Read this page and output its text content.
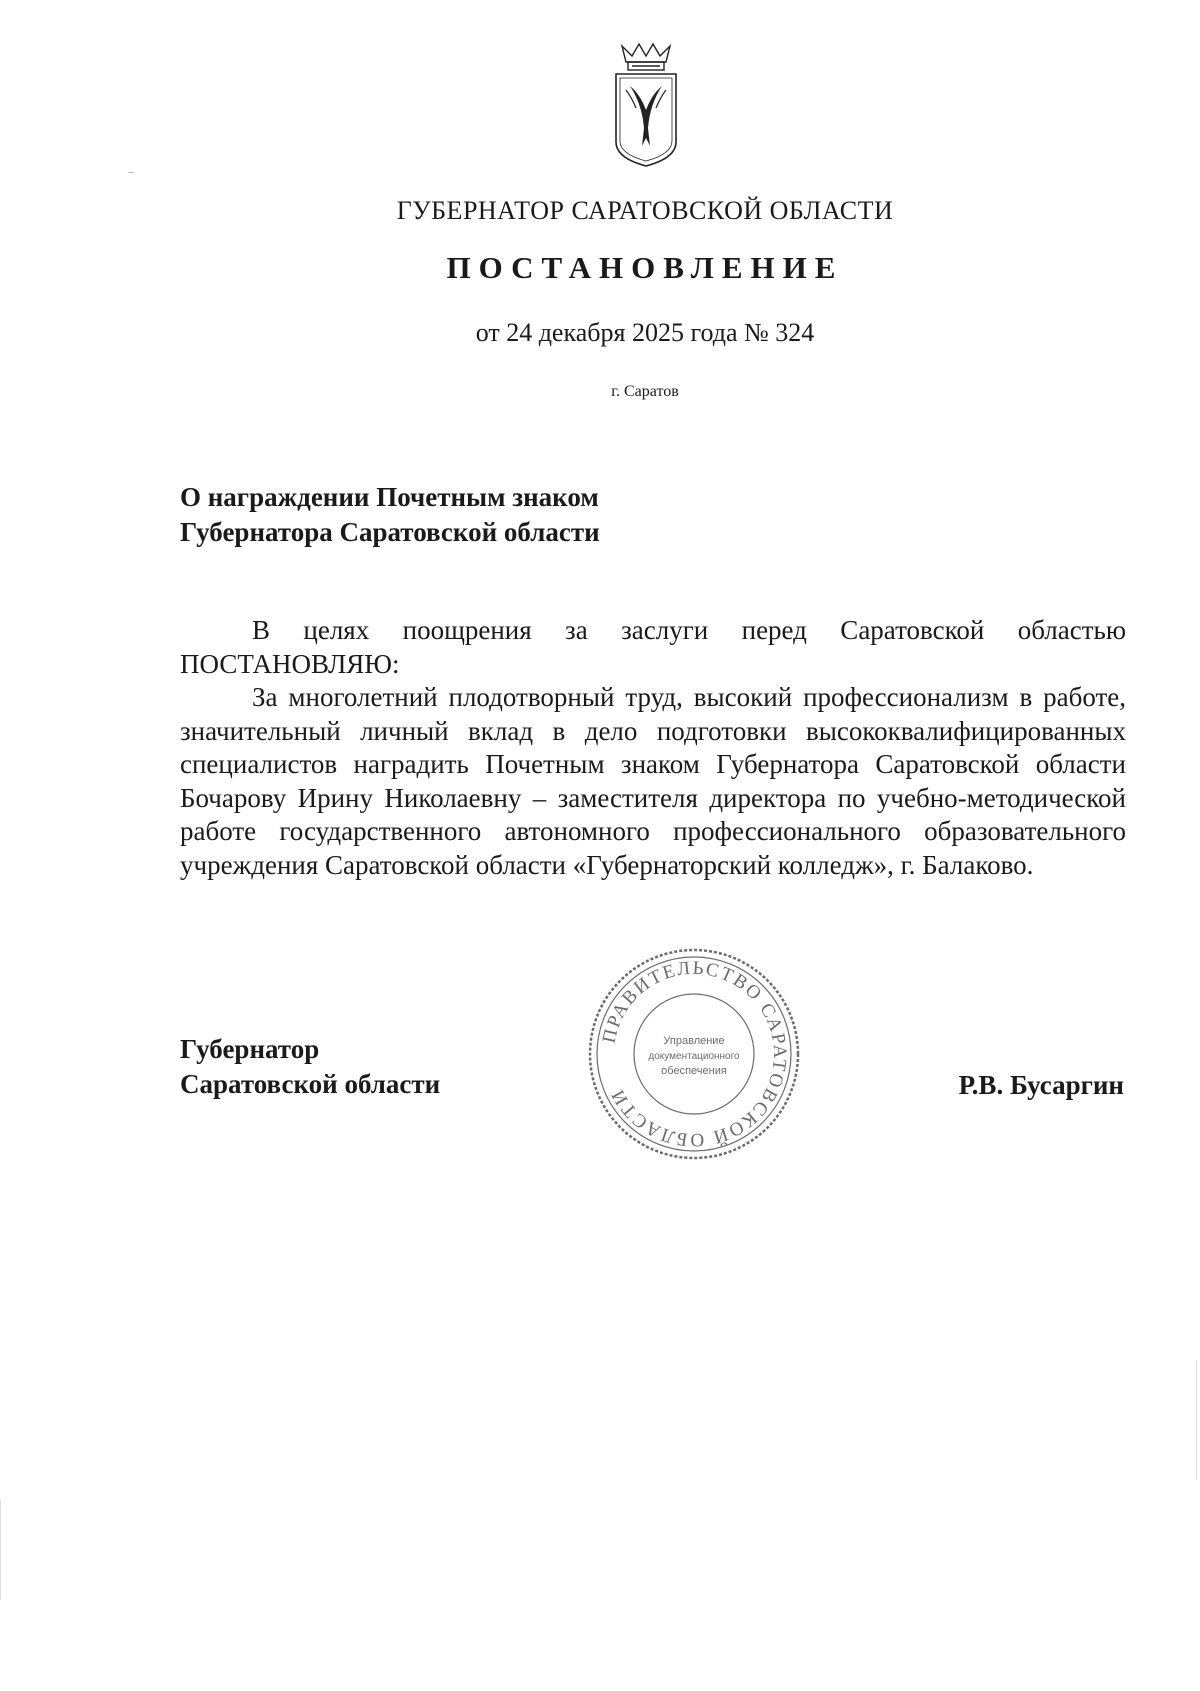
ГУБЕРНАТОР САРАТОВСКОЙ ОБЛАСТИ
ПОСТАНОВЛЕНИЕ
от 24 декабря 2025 года № 324
г. Саратов
О награждении Почетным знаком
Губернатора Саратовской области

В целях поощрения за заслуги перед Саратовской областью

ПОСТАНОВЛЯЮ:

За многолетний плодотворный труд, высокий профессионализм в работе, значительный личный вклад в дело подготовки высококвалифицированных специалистов наградить Почетным знаком Губернатора Саратовской области Бочарову Ирину Николаевну – заместителя директора по учебно-методической работе государственного автономного профессионального образовательного учреждения Саратовской области «Губернаторский колледж», г. Балаково.

ПРАВИТЕЛЬСТВО САРАТОВСКОЙ ОБЛАСТИ
Управление
документационного
обеспечения
Губернатор
Саратовской области	Р.В. Бусаргин
